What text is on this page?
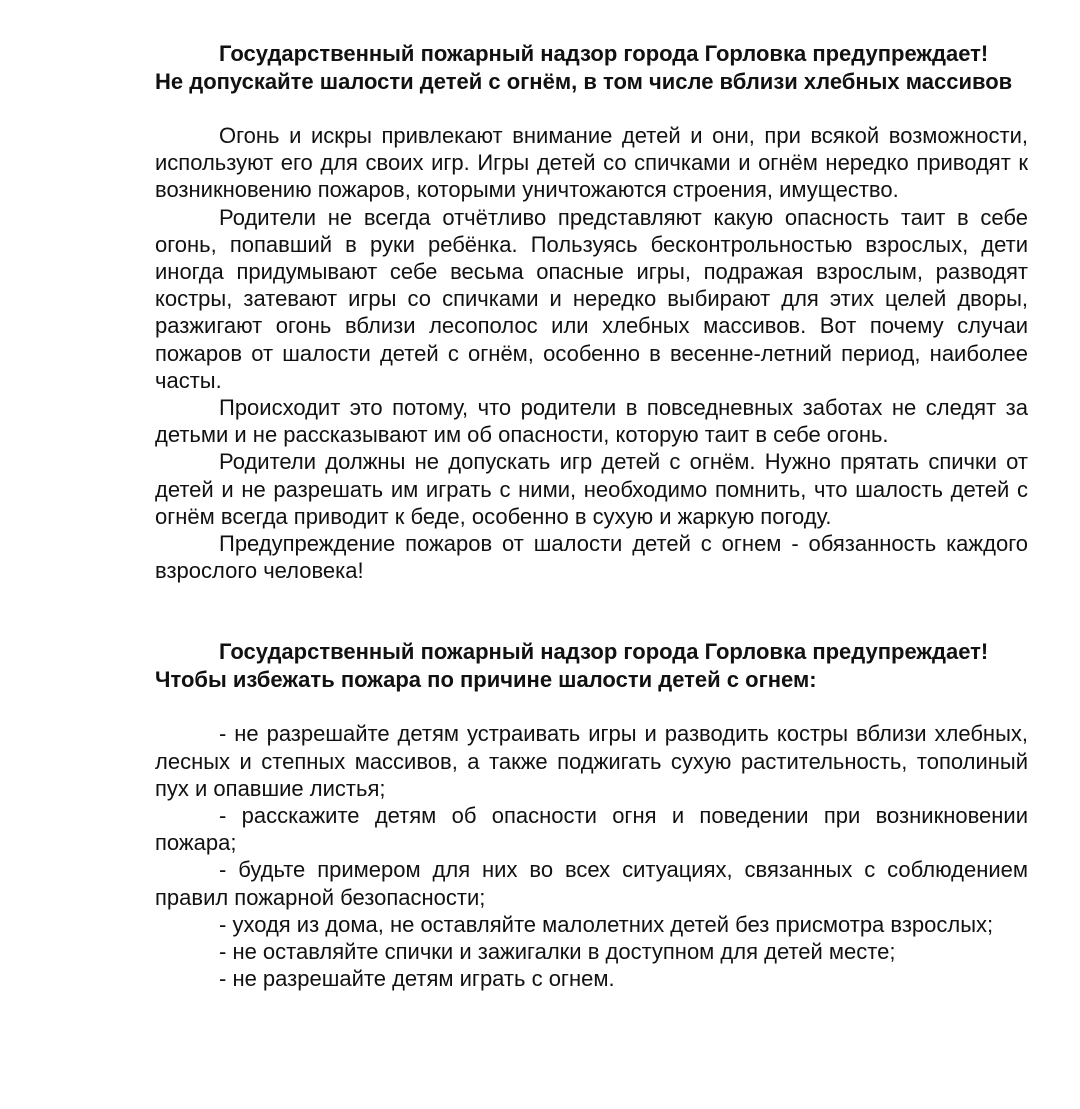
Государственный пожарный надзор города Горловка предупреждает!
Не допускайте шалости детей с огнём, в том числе вблизи хлебных массивов

Огонь и искры привлекают внимание детей и они, при всякой возможности, используют его для своих игр. Игры детей со спичками и огнём нередко приводят к возникновению пожаров, которыми уничтожаются строения, имущество.

Родители не всегда отчётливо представляют какую опасность таит в себе огонь, попавший в руки ребёнка. Пользуясь бесконтрольностью взрослых, дети иногда придумывают себе весьма опасные игры, подражая взрослым, разводят костры, затевают игры со спичками и нередко выбирают для этих целей дворы, разжигают огонь вблизи лесополос или хлебных массивов. Вот почему случаи пожаров от шалости детей с огнём, особенно в весенне-летний период, наиболее часты.

Происходит это потому, что родители в повседневных заботах не следят за детьми и не рассказывают им об опасности, которую таит в себе огонь.

Родители должны не допускать игр детей с огнём. Нужно прятать спички от детей и не разрешать им играть с ними, необходимо помнить, что шалость детей с огнём всегда приводит к беде, особенно в сухую и жаркую погоду.

Предупреждение пожаров от шалости детей с огнем - обязанность каждого взрослого человека!

Государственный пожарный надзор города Горловка предупреждает!
Чтобы избежать пожара по причине шалости детей с огнем:

- не разрешайте детям устраивать игры и разводить костры вблизи хлебных, лесных и степных массивов, а также поджигать сухую растительность, тополиный пух и опавшие листья;

- расскажите детям об опасности огня и поведении при возникновении пожара;

- будьте примером для них во всех ситуациях, связанных с соблюдением правил пожарной безопасности;

- уходя из дома, не оставляйте малолетних детей без присмотра взрослых;

- не оставляйте спички и зажигалки в доступном для детей месте;

- не разрешайте детям играть с огнем.
